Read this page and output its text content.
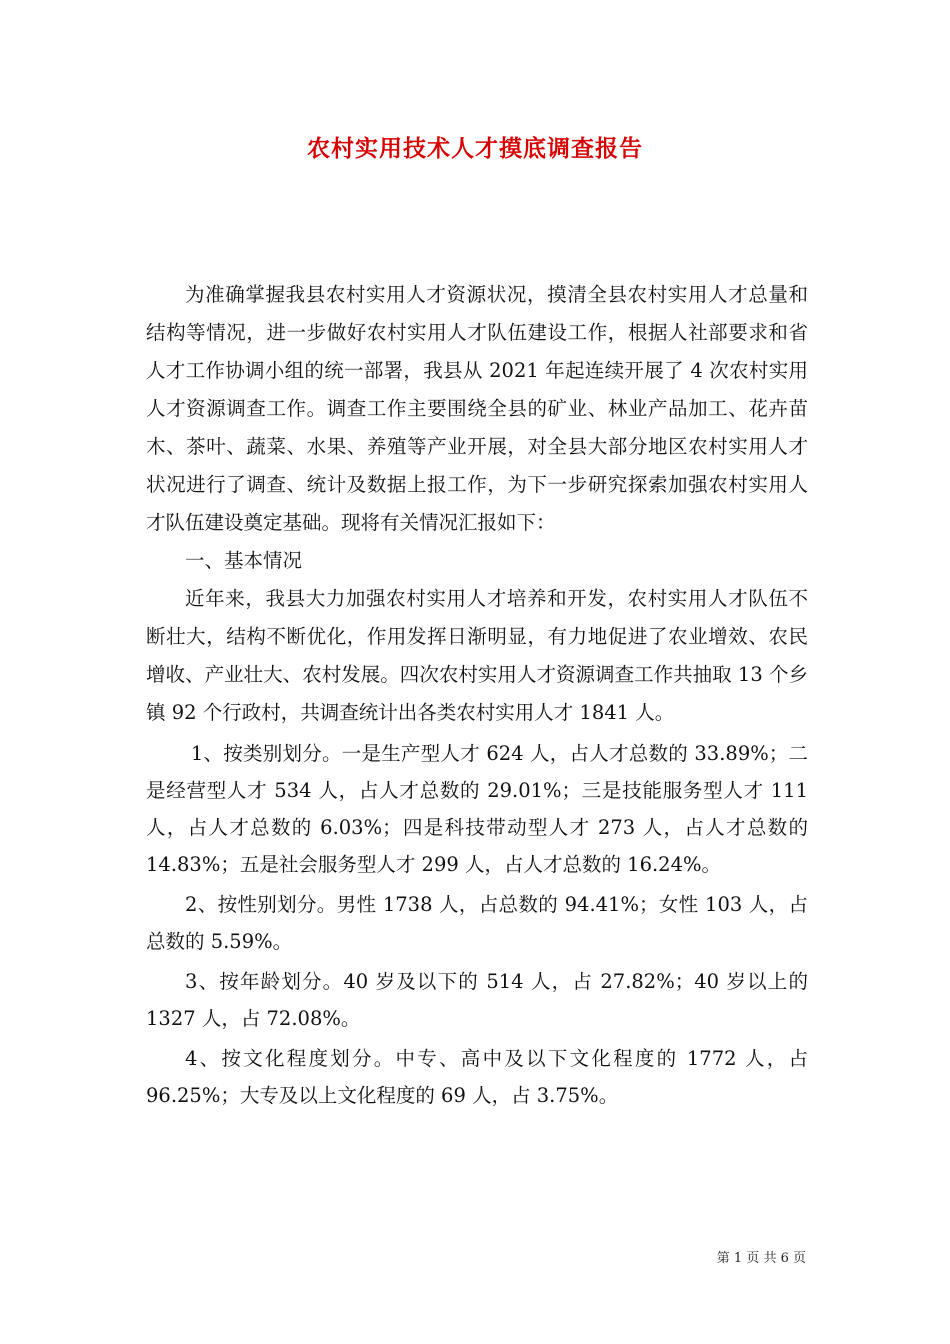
农村实用技术人才摸底调查报告

为准确掌握我县农村实用人才资源状况，摸清全县农村实用人才总量和结构等情况，进一步做好农村实用人才队伍建设工作，根据人社部要求和省人才工作协调小组的统一部署，我县从 2021 年起连续开展了 4 次农村实用人才资源调查工作。调查工作主要围绕全县的矿业、林业产品加工、花卉苗木、茶叶、蔬菜、水果、养殖等产业开展，对全县大部分地区农村实用人才状况进行了调查、统计及数据上报工作，为下一步研究探索加强农村实用人才队伍建设奠定基础。现将有关情况汇报如下：

一、基本情况

近年来，我县大力加强农村实用人才培养和开发，农村实用人才队伍不断壮大，结构不断优化，作用发挥日渐明显，有力地促进了农业增效、农民增收、产业壮大、农村发展。四次农村实用人才资源调查工作共抽取 13 个乡镇 92 个行政村，共调查统计出各类农村实用人才 1841 人。

1、按类别划分。一是生产型人才 624 人，占人才总数的 33.89%；二是经营型人才 534 人，占人才总数的 29.01%；三是技能服务型人才 111 人，占人才总数的 6.03%；四是科技带动型人才 273 人，占人才总数的 14.83%；五是社会服务型人才 299 人，占人才总数的 16.24%。

2、按性别划分。男性 1738 人，占总数的 94.41%；女性 103 人，占总数的 5.59%。

3、按年龄划分。40 岁及以下的 514 人，占 27.82%；40 岁以上的 1327 人，占 72.08%。

4、按文化程度划分。中专、高中及以下文化程度的 1772 人，占 96.25%；大专及以上文化程度的 69 人，占 3.75%。

第 1 页 共 6 页
